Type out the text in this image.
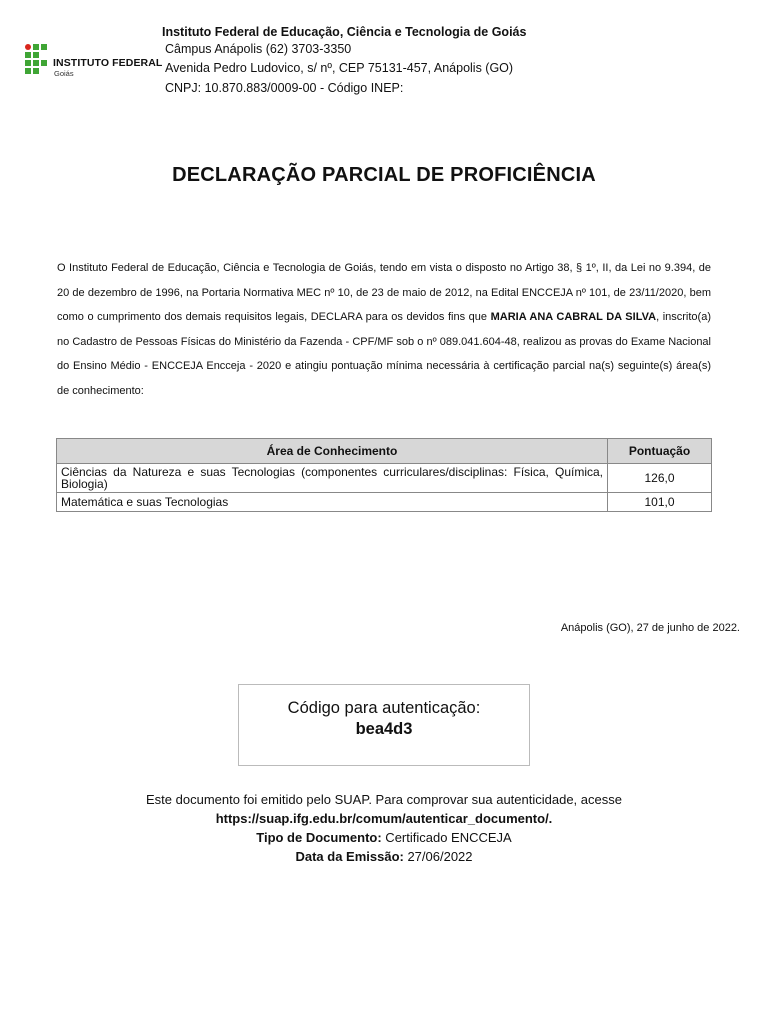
INSTITUTO FEDERAL
Goiás
Instituto Federal de Educação, Ciência e Tecnologia de Goiás
Câmpus Anápolis (62) 3703-3350
Avenida Pedro Ludovico, s/ nº, CEP 75131-457, Anápolis (GO)
CNPJ: 10.870.883/0009-00 - Código INEP:
DECLARAÇÃO PARCIAL DE PROFICIÊNCIA
O Instituto Federal de Educação, Ciência e Tecnologia de Goiás, tendo em vista o disposto no Artigo 38, § 1º, II, da Lei no 9.394, de 20 de dezembro de 1996, na Portaria Normativa MEC nº 10, de 23 de maio de 2012, na Edital ENCCEJA nº 101, de 23/11/2020, bem como o cumprimento dos demais requisitos legais, DECLARA para os devidos fins que MARIA ANA CABRAL DA SILVA, inscrito(a) no Cadastro de Pessoas Físicas do Ministério da Fazenda - CPF/MF sob o nº 089.041.604-48, realizou as provas do Exame Nacional do Ensino Médio - ENCCEJA Encceja - 2020 e atingiu pontuação mínima necessária à certificação parcial na(s) seguinte(s) área(s) de conhecimento:
Área de Conhecimento	Pontuação
Ciências da Natureza e suas Tecnologias (componentes curriculares/disciplinas: Física, Química, Biologia)	126,0
Matemática e suas Tecnologias	101,0
Anápolis (GO), 27 de junho de 2022.
Código para autenticação:
bea4d3
Este documento foi emitido pelo SUAP. Para comprovar sua autenticidade, acesse
https://suap.ifg.edu.br/comum/autenticar_documento/.
Tipo de Documento: Certificado ENCCEJA
Data da Emissão: 27/06/2022
